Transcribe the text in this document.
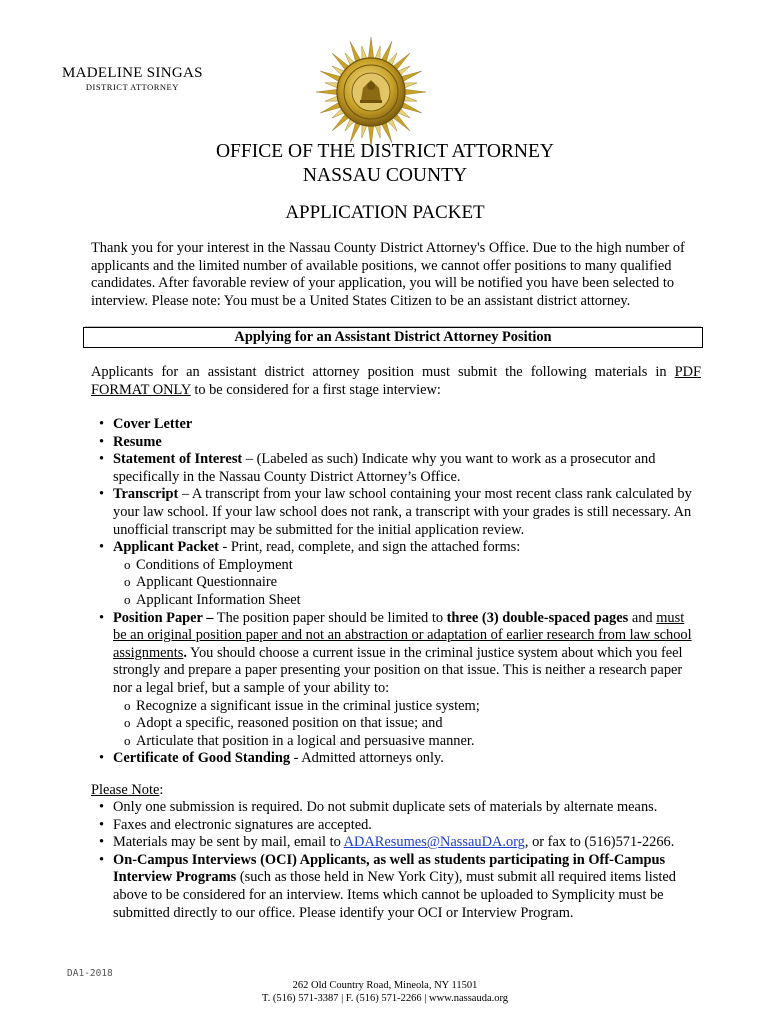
MADELINE SINGAS
DISTRICT ATTORNEY
OFFICE OF THE DISTRICT ATTORNEY
NASSAU COUNTY
APPLICATION PACKET
Thank you for your interest in the Nassau County District Attorney's Office. Due to the high number of applicants and the limited number of available positions, we cannot offer positions to many qualified candidates. After favorable review of your application, you will be notified you have been selected to interview. Please note: You must be a United States Citizen to be an assistant district attorney.
Applying for an Assistant District Attorney Position
Applicants for an assistant district attorney position must submit the following materials in PDF FORMAT ONLY to be considered for a first stage interview:
• Cover Letter
• Resume
• Statement of Interest – (Labeled as such) Indicate why you want to work as a prosecutor and specifically in the Nassau County District Attorney’s Office.
• Transcript – A transcript from your law school containing your most recent class rank calculated by your law school. If your law school does not rank, a transcript with your grades is still necessary. An unofficial transcript may be submitted for the initial application review.
• Applicant Packet - Print, read, complete, and sign the attached forms:
o Conditions of Employment
o Applicant Questionnaire
o Applicant Information Sheet
• Position Paper – The position paper should be limited to three (3) double-spaced pages and must be an original position paper and not an abstraction or adaptation of earlier research from law school assignments. You should choose a current issue in the criminal justice system about which you feel strongly and prepare a paper presenting your position on that issue. This is neither a research paper nor a legal brief, but a sample of your ability to:
o Recognize a significant issue in the criminal justice system;
o Adopt a specific, reasoned position on that issue; and
o Articulate that position in a logical and persuasive manner.
• Certificate of Good Standing - Admitted attorneys only.
Please Note:
• Only one submission is required. Do not submit duplicate sets of materials by alternate means.
• Faxes and electronic signatures are accepted.
• Materials may be sent by mail, email to ADAResumes@NassauDA.org, or fax to (516)571-2266.
• On-Campus Interviews (OCI) Applicants, as well as students participating in Off-Campus Interview Programs (such as those held in New York City), must submit all required items listed above to be considered for an interview. Items which cannot be uploaded to Symplicity must be submitted directly to our office. Please identify your OCI or Interview Program.
DA1-2018
262 Old Country Road, Mineola, NY 11501
T. (516) 571-3387 | F. (516) 571-2266 | www.nassauda.org
